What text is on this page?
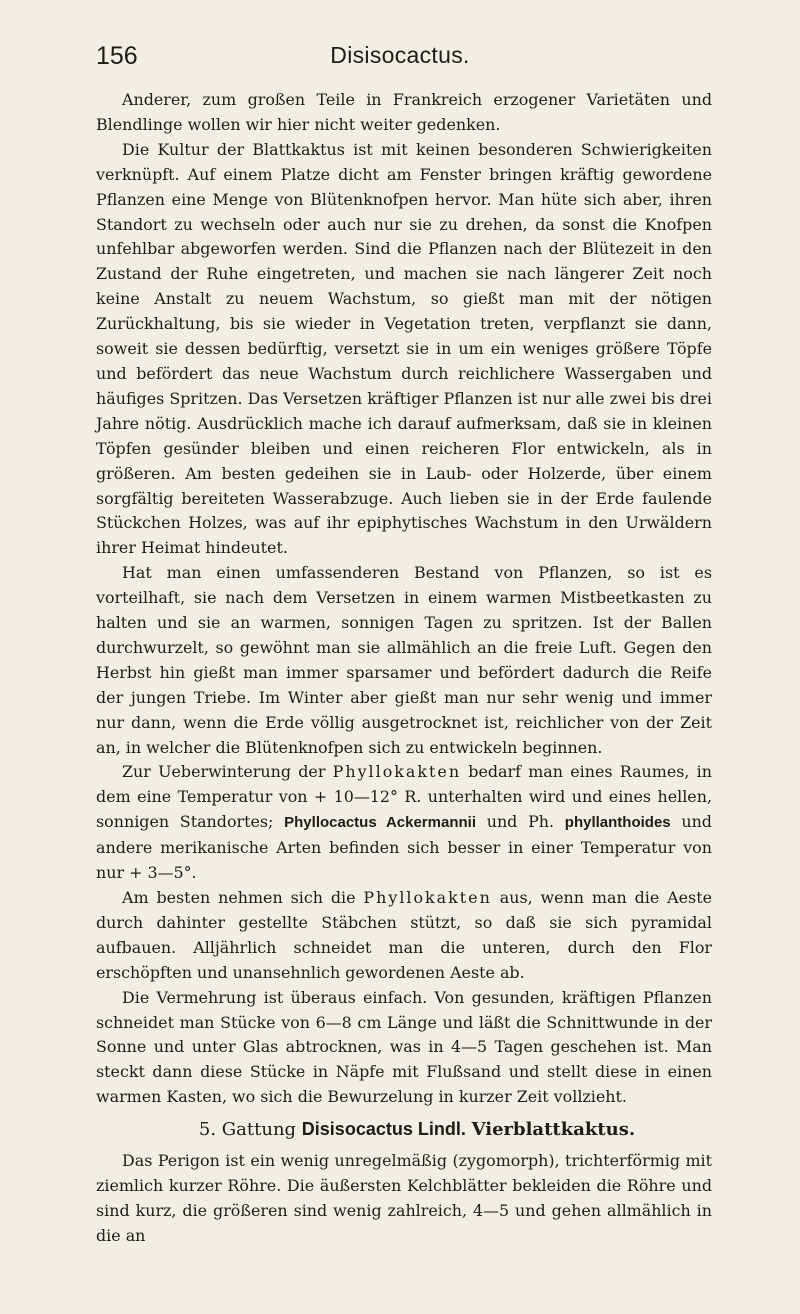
156	Disisocactus.

Anderer, zum großen Teile in Frankreich erzogener Varietäten und Blendlinge wollen wir hier nicht weiter gedenken.

Die Kultur der Blattkaktus ist mit keinen besonderen Schwierigkeiten verknüpft. Auf einem Platze dicht am Fenster bringen kräftig gewordene Pflanzen eine Menge von Blütenknofpen hervor. Man hüte sich aber, ihren Standort zu wechseln oder auch nur sie zu drehen, da sonst die Knofpen unfehlbar abgeworfen werden. Sind die Pflanzen nach der Blütezeit in den Zustand der Ruhe eingetreten, und machen sie nach längerer Zeit noch keine Anstalt zu neuem Wachstum, so gießt man mit der nötigen Zurückhaltung, bis sie wieder in Vegetation treten, verpflanzt sie dann, soweit sie dessen bedürftig, versetzt sie in um ein weniges größere Töpfe und befördert das neue Wachstum durch reichlichere Wassergaben und häufiges Spritzen. Das Versetzen kräftiger Pflanzen ist nur alle zwei bis drei Jahre nötig. Ausdrücklich mache ich darauf aufmerksam, daß sie in kleinen Töpfen gesünder bleiben und einen reicheren Flor entwickeln, als in größeren. Am besten gedeihen sie in Laub- oder Holzerde, über einem sorgfältig bereiteten Wasserabzuge. Auch lieben sie in der Erde faulende Stückchen Holzes, was auf ihr epiphytisches Wachstum in den Urwäldern ihrer Heimat hindeutet.

Hat man einen umfassenderen Bestand von Pflanzen, so ist es vorteilhaft, sie nach dem Versetzen in einem warmen Mistbeetkasten zu halten und sie an warmen, sonnigen Tagen zu spritzen. Ist der Ballen durchwurzelt, so gewöhnt man sie allmählich an die freie Luft. Gegen den Herbst hin gießt man immer sparsamer und befördert dadurch die Reife der jungen Triebe. Im Winter aber gießt man nur sehr wenig und immer nur dann, wenn die Erde völlig ausgetrocknet ist, reichlicher von der Zeit an, in welcher die Blütenknofpen sich zu entwickeln beginnen.

Zur Ueberwinterung der Phyllokakten bedarf man eines Raumes, in dem eine Temperatur von + 10—12° R. unterhalten wird und eines hellen, sonnigen Standortes; Phyllocactus Ackermannii und Ph. phyllanthoides und andere merikanische Arten befinden sich besser in einer Temperatur von nur + 3—5°.

Am besten nehmen sich die Phyllokakten aus, wenn man die Aeste durch dahinter gestellte Stäbchen stützt, so daß sie sich pyramidal aufbauen. Alljährlich schneidet man die unteren, durch den Flor erschöpften und unansehnlich gewordenen Aeste ab.

Die Vermehrung ist überaus einfach. Von gesunden, kräftigen Pflanzen schneidet man Stücke von 6—8 cm Länge und läßt die Schnittwunde in der Sonne und unter Glas abtrocknen, was in 4—5 Tagen geschehen ist. Man steckt dann diese Stücke in Näpfe mit Flußsand und stellt diese in einen warmen Kasten, wo sich die Bewurzelung in kurzer Zeit vollzieht.

5. Gattung Disisocactus Lindl. Vierblattkaktus.

Das Perigon ist ein wenig unregelmäßig (zygomorph), trichterförmig mit ziemlich kurzer Röhre. Die äußersten Kelchblätter bekleiden die Röhre und sind kurz, die größeren sind wenig zahlreich, 4—5 und gehen allmählich in die an
